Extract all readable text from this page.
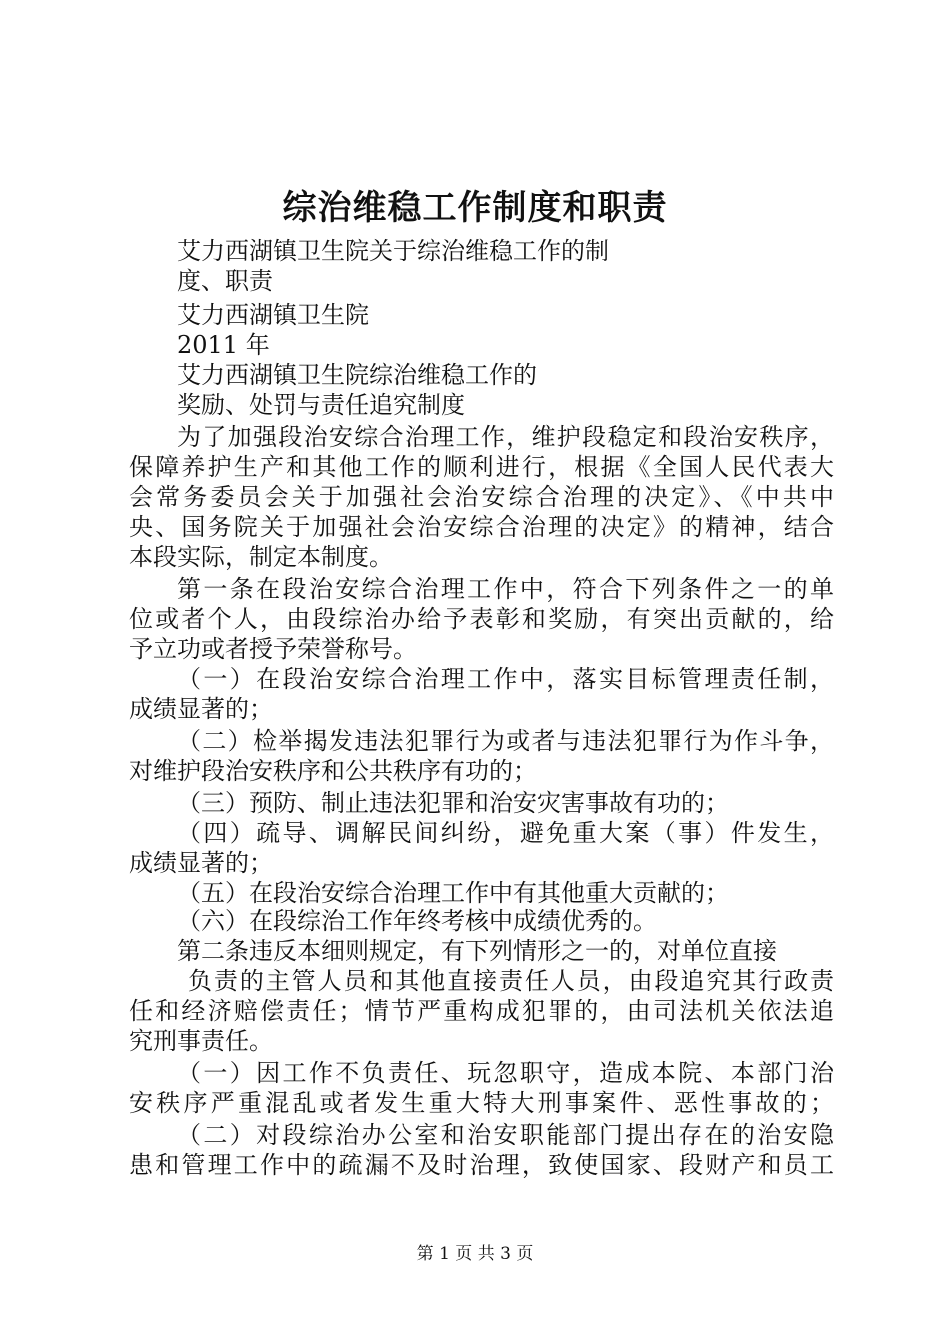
综治维稳工作制度和职责
艾力西湖镇卫生院关于综治维稳工作的制
度、职责
艾力西湖镇卫生院
2011 年
艾力西湖镇卫生院综治维稳工作的
奖励、处罚与责任追究制度
为了加强段治安综合治理工作，维护段稳定和段治安秩序，
保障养护生产和其他工作的顺利进行，根据《全国人民代表大
会常务委员会关于加强社会治安综合治理的决定》、《中共中
央、国务院关于加强社会治安综合治理的决定》的精神，结合
本段实际，制定本制度。
第一条在段治安综合治理工作中，符合下列条件之一的单
位或者个人，由段综治办给予表彰和奖励，有突出贡献的，给
予立功或者授予荣誉称号。
（一）在段治安综合治理工作中，落实目标管理责任制，
成绩显著的；
（二）检举揭发违法犯罪行为或者与违法犯罪行为作斗争，
对维护段治安秩序和公共秩序有功的；
（三）预防、制止违法犯罪和治安灾害事故有功的；
（四）疏导、调解民间纠纷，避免重大案（事）件发生，
成绩显著的；
（五）在段治安综合治理工作中有其他重大贡献的；
（六）在段综治工作年终考核中成绩优秀的。
第二条违反本细则规定，有下列情形之一的，对单位直接
负责的主管人员和其他直接责任人员，由段追究其行政责
任和经济赔偿责任；情节严重构成犯罪的，由司法机关依法追
究刑事责任。
（一）因工作不负责任、玩忽职守，造成本院、本部门治
安秩序严重混乱或者发生重大特大刑事案件、恶性事故的；
（二）对段综治办公室和治安职能部门提出存在的治安隐
患和管理工作中的疏漏不及时治理，致使国家、段财产和员工
第 1 页 共 3 页
